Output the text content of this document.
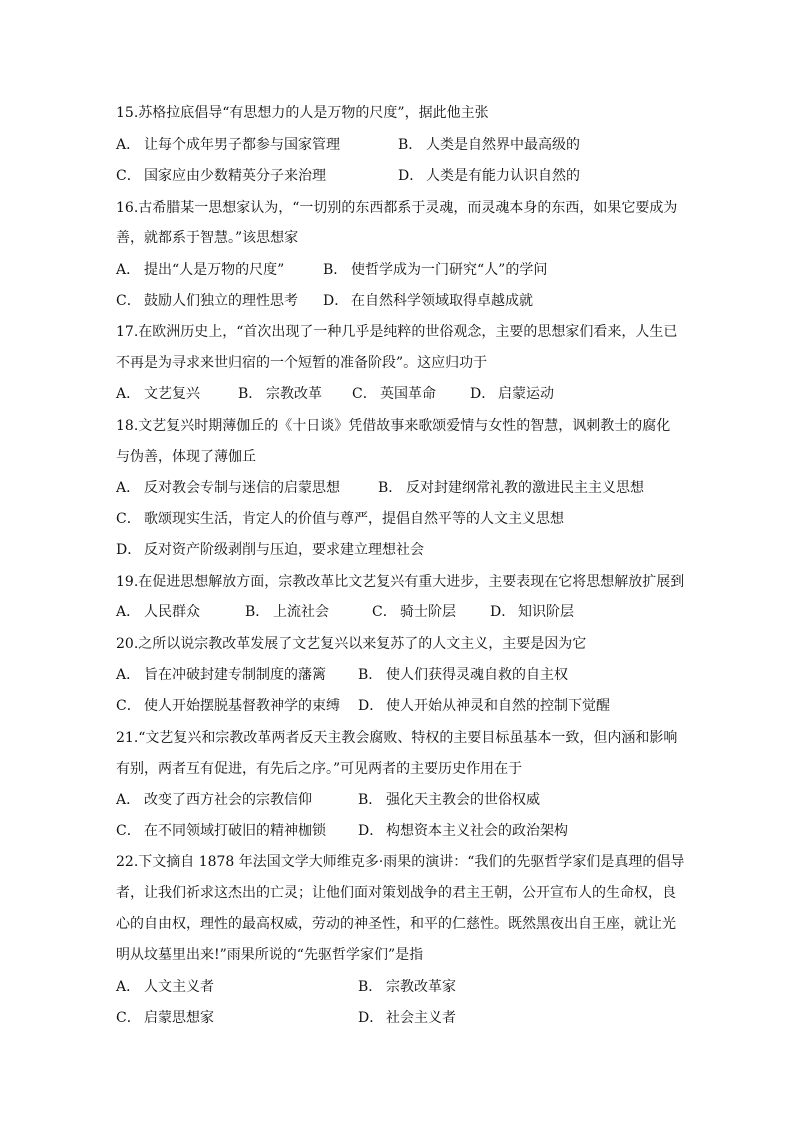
15.苏格拉底倡导“有思想力的人是万物的尺度”，据此他主张
A． 让每个成年男子都参与国家管理	B． 人类是自然界中最高级的
C． 国家应由少数精英分子来治理	D． 人类是有能力认识自然的
16.古希腊某一思想家认为，“一切别的东西都系于灵魂，而灵魂本身的东西，如果它要成为
善，就都系于智慧。”该思想家
A． 提出“人是万物的尺度”	B． 使哲学成为一门研究“人”的学问
C． 鼓励人们独立的理性思考 D． 在自然科学领域取得卓越成就
17.在欧洲历史上，“首次出现了一种几乎是纯粹的世俗观念，主要的思想家们看来，人生已
不再是为寻求来世归宿的一个短暂的准备阶段”。这应归功于
A． 文艺复兴	B． 宗教改革 C． 英国革命 D． 启蒙运动
18.文艺复兴时期薄伽丘的《十日谈》凭借故事来歌颂爱情与女性的智慧，讽刺教士的腐化
与伪善，体现了薄伽丘
A． 反对教会专制与迷信的启蒙思想	B． 反对封建纲常礼教的激进民主主义思想
C． 歌颂现实生活，肯定人的价值与尊严，提倡自然平等的人文主义思想
D． 反对资产阶级剥削与压迫，要求建立理想社会
19.在促进思想解放方面，宗教改革比文艺复兴有重大进步，主要表现在它将思想解放扩展到
A． 人民群众	B． 上流社会	C． 骑士阶层 D． 知识阶层
20.之所以说宗教改革发展了文艺复兴以来复苏了的人文主义，主要是因为它
A． 旨在冲破封建专制制度的藩篱 B． 使人们获得灵魂自救的自主权
C． 使人开始摆脱基督教神学的束缚 D． 使人开始从神灵和自然的控制下觉醒
21.“文艺复兴和宗教改革两者反天主教会腐败、特权的主要目标虽基本一致，但内涵和影响
有别，两者互有促进，有先后之序。”可见两者的主要历史作用在于
A． 改变了西方社会的宗教信仰	B． 强化天主教会的世俗权威
C． 在不同领域打破旧的精神枷锁 D． 构想资本主义社会的政治架构
22.下文摘自 1878 年法国文学大师维克多·雨果的演讲：“我们的先驱哲学家们是真理的倡导
者，让我们祈求这杰出的亡灵；让他们面对策划战争的君主王朝，公开宣布人的生命权，良
心的自由权，理性的最高权威，劳动的神圣性，和平的仁慈性。既然黑夜出自王座，就让光
明从坟墓里出来!”雨果所说的“先驱哲学家们”是指
A． 人文主义者	B． 宗教改革家
C． 启蒙思想家	D． 社会主义者
